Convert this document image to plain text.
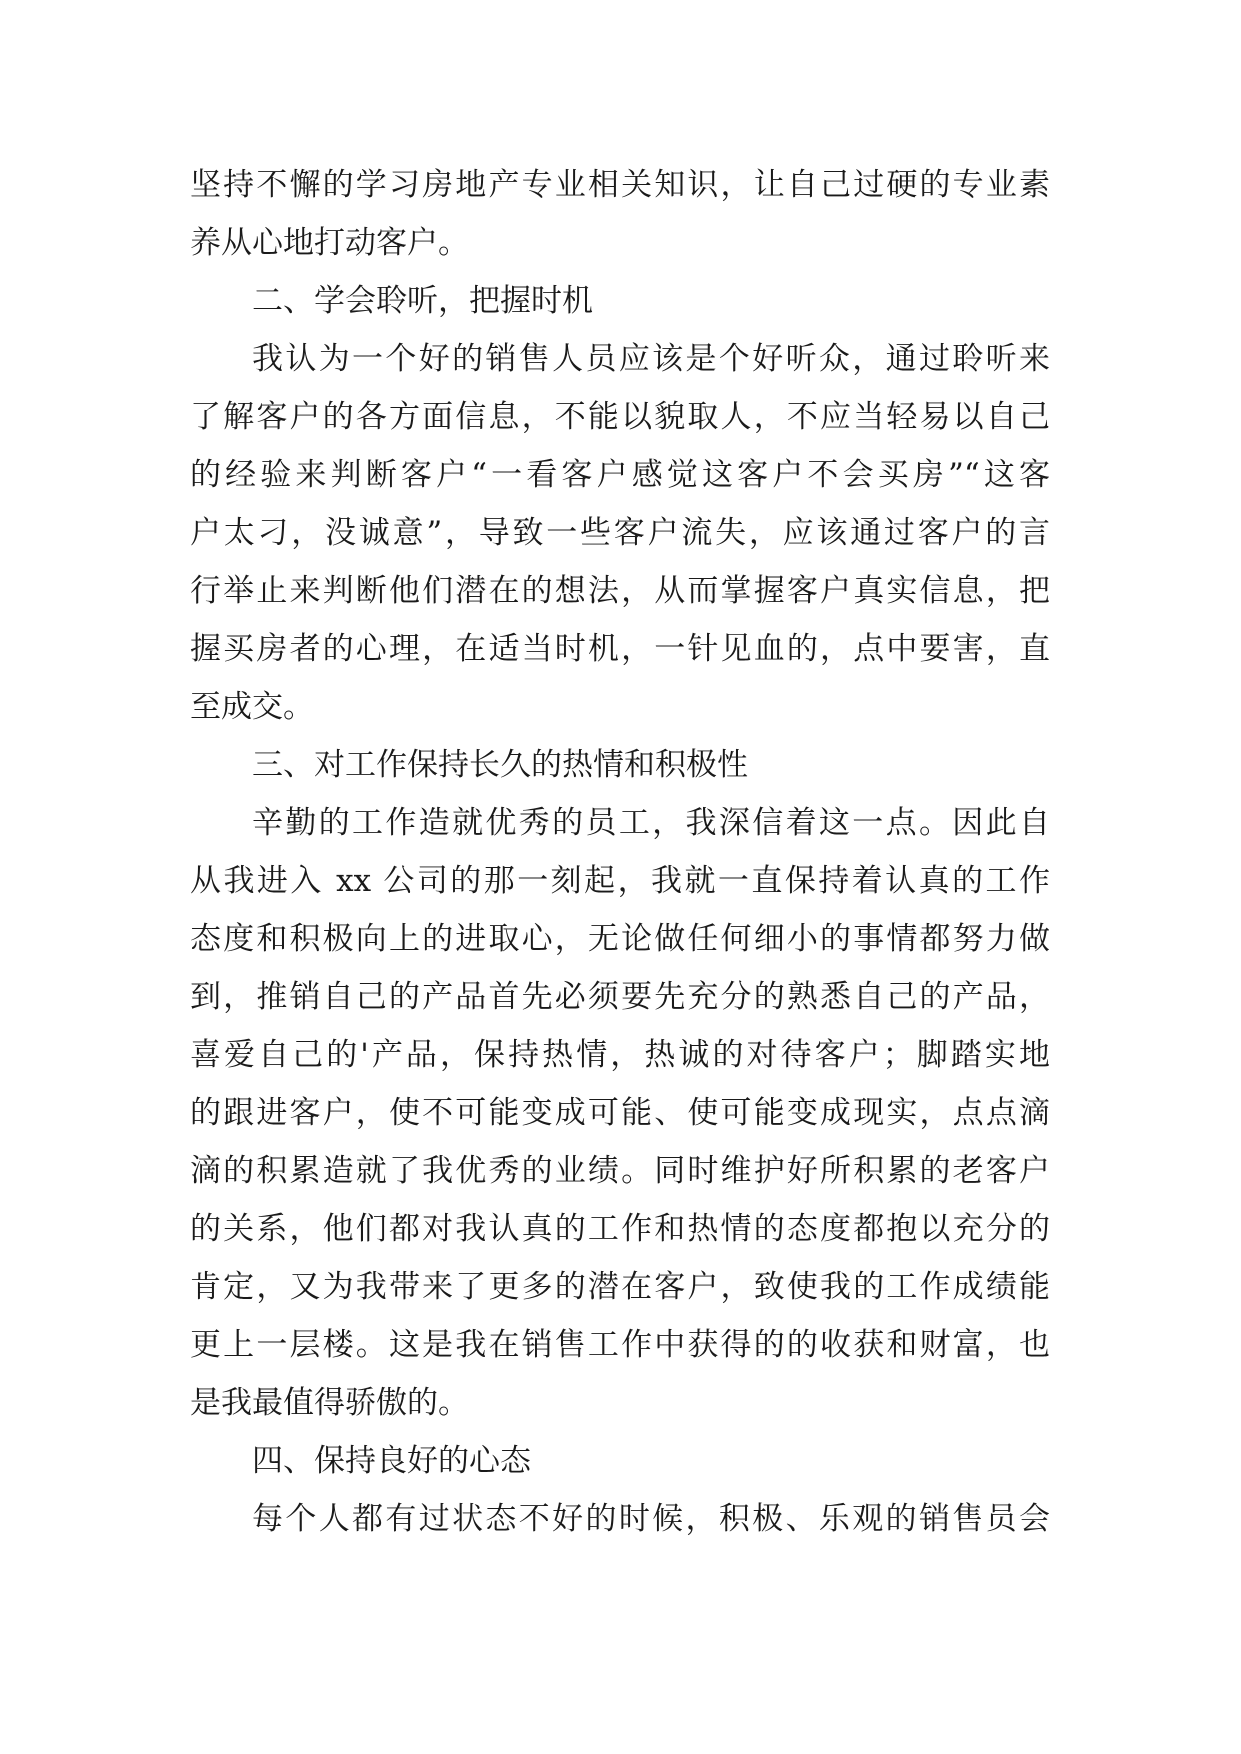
坚持不懈的学习房地产专业相关知识，让自己过硬的专业素
养从心地打动客户。
二、学会聆听，把握时机
我认为一个好的销售人员应该是个好听众，通过聆听来
了解客户的各方面信息，不能以貌取人，不应当轻易以自己
的经验来判断客户“一看客户感觉这客户不会买房”“这客
户太刁，没诚意”，导致一些客户流失，应该通过客户的言
行举止来判断他们潜在的想法，从而掌握客户真实信息，把
握买房者的心理，在适当时机，一针见血的，点中要害，直
至成交。
三、对工作保持长久的热情和积极性
辛勤的工作造就优秀的员工，我深信着这一点。因此自
从我进入 xx 公司的那一刻起，我就一直保持着认真的工作
态度和积极向上的进取心，无论做任何细小的事情都努力做
到，推销自己的产品首先必须要先充分的熟悉自己的产品，
喜爱自己的'产品，保持热情，热诚的对待客户；脚踏实地
的跟进客户，使不可能变成可能、使可能变成现实，点点滴
滴的积累造就了我优秀的业绩。同时维护好所积累的老客户
的关系，他们都对我认真的工作和热情的态度都抱以充分的
肯定，又为我带来了更多的潜在客户，致使我的工作成绩能
更上一层楼。这是我在销售工作中获得的的收获和财富，也
是我最值得骄傲的。
四、保持良好的心态
每个人都有过状态不好的时候，积极、乐观的销售员会
